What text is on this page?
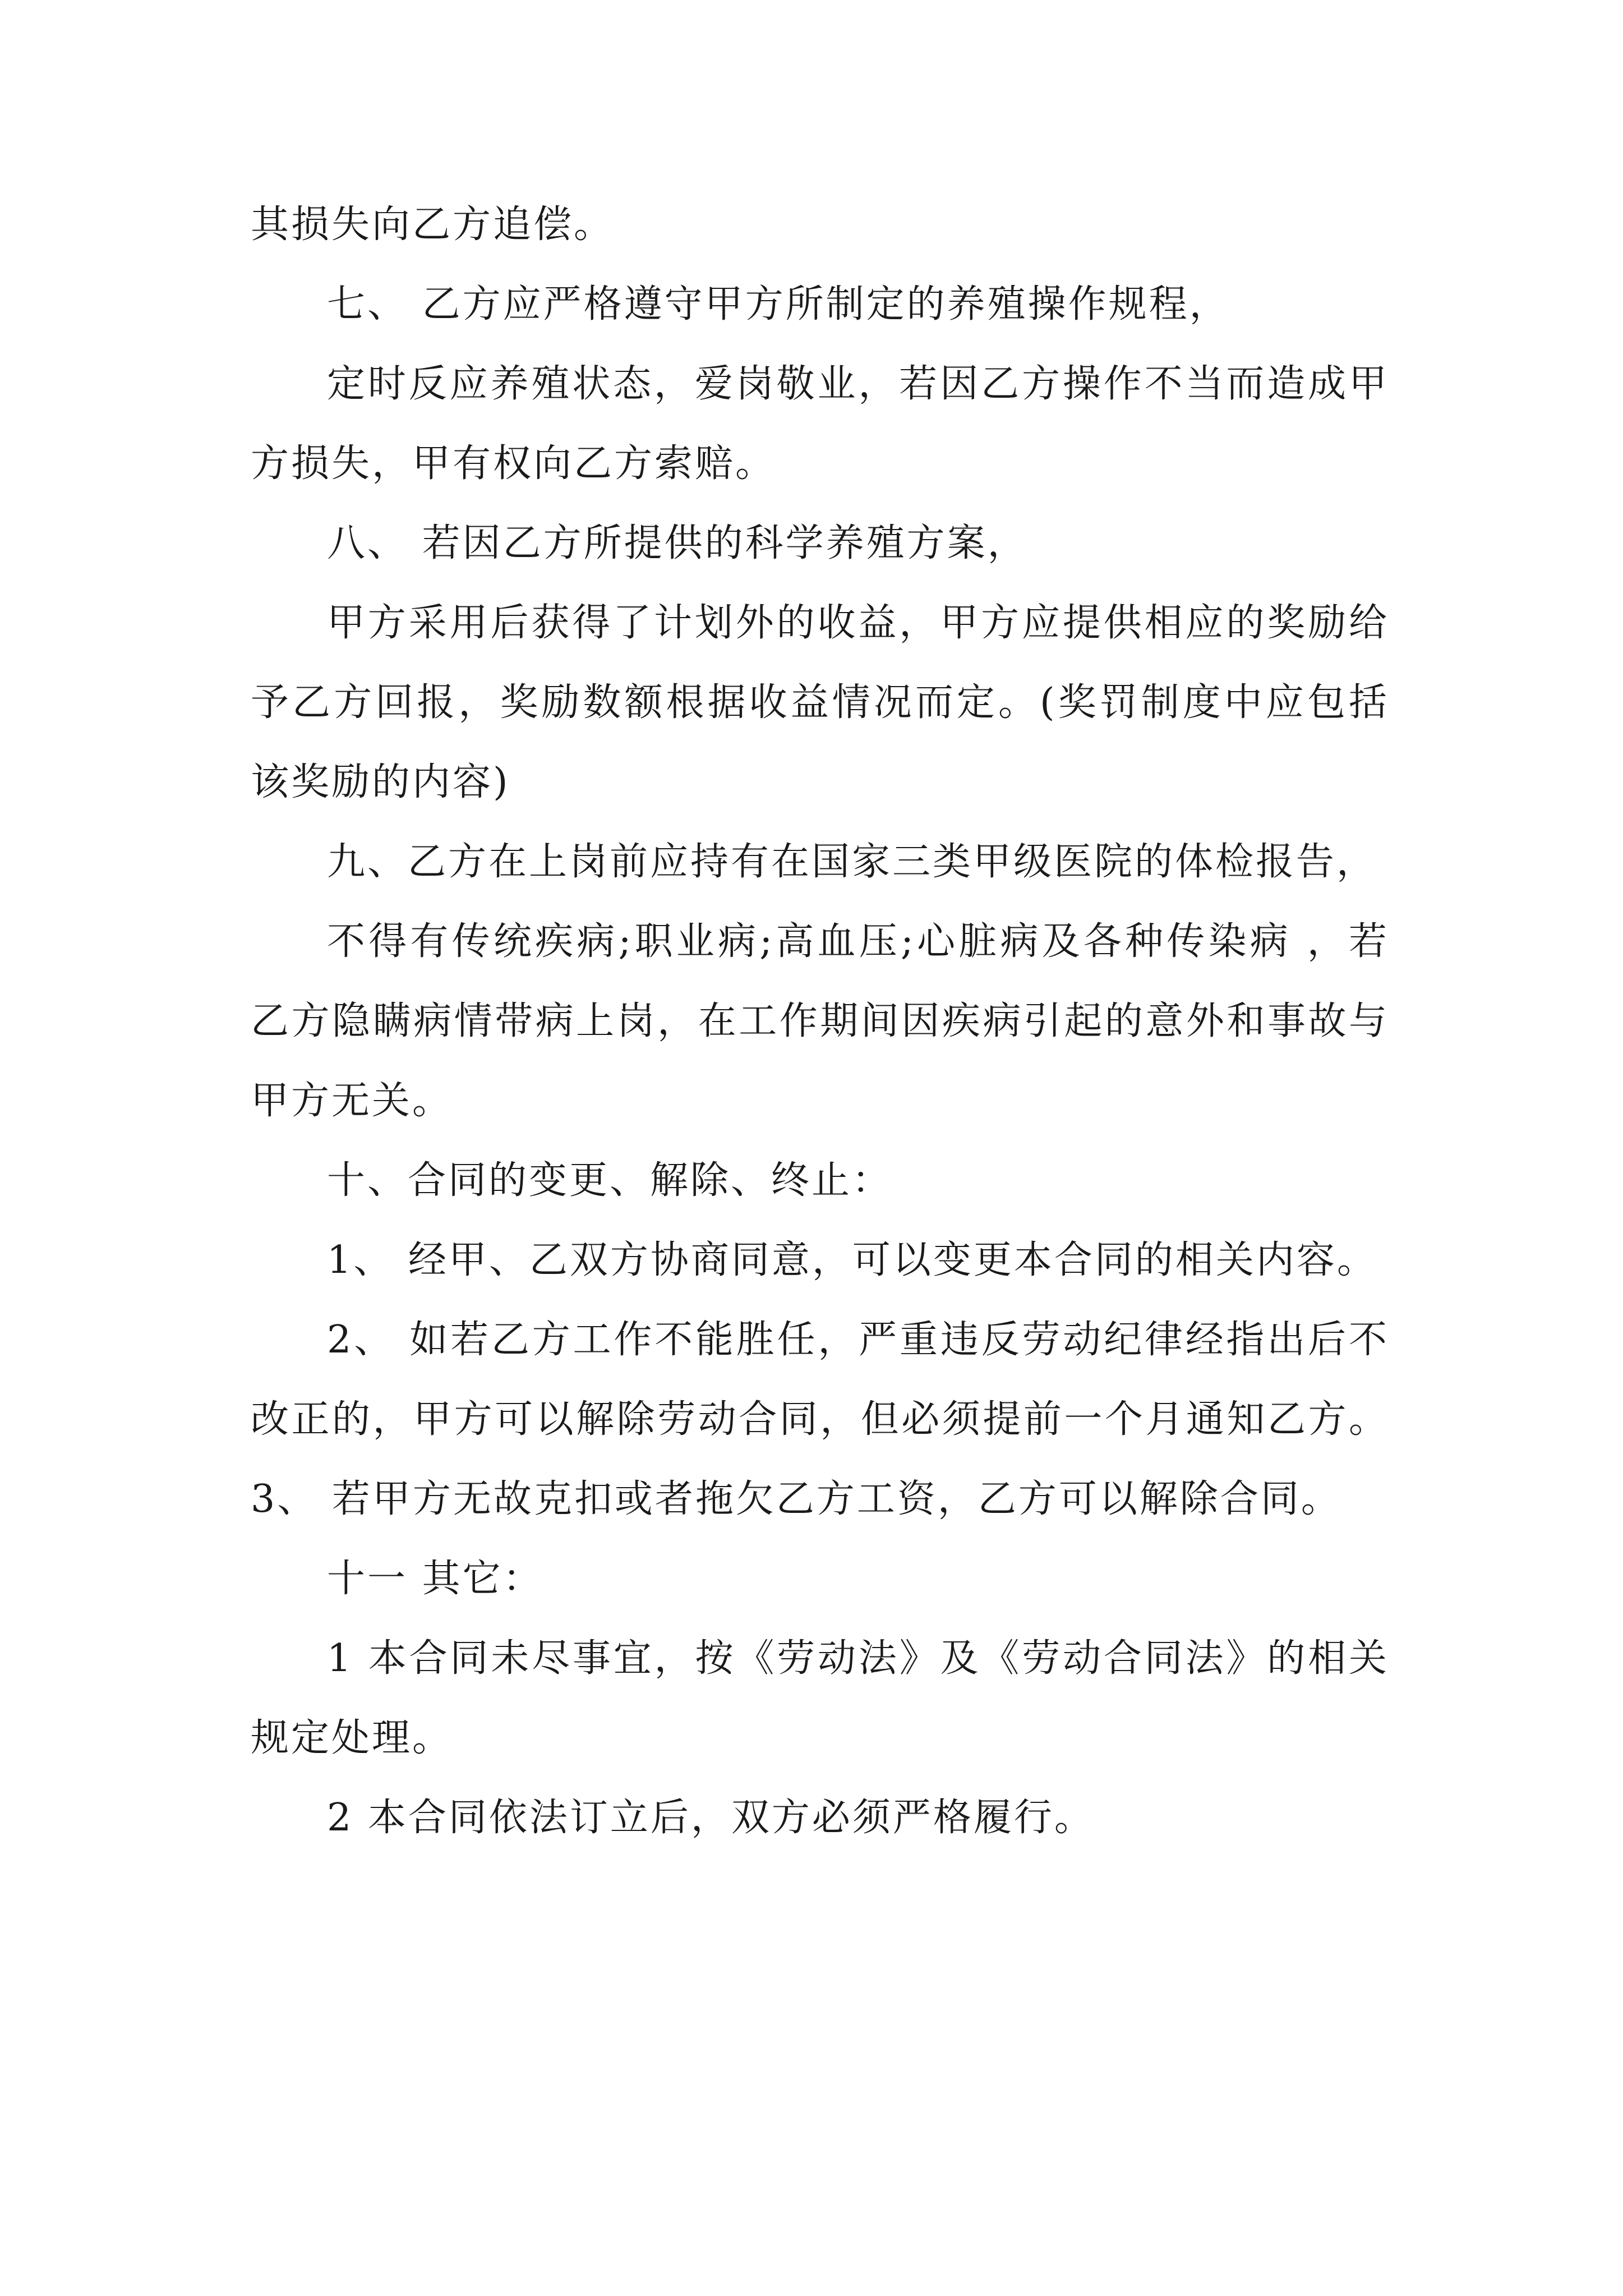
其损失向乙方追偿。

七、 乙方应严格遵守甲方所制定的养殖操作规程，

定时反应养殖状态，爱岗敬业，若因乙方操作不当而造成甲方损失，甲有权向乙方索赔。

八、 若因乙方所提供的科学养殖方案，

甲方采用后获得了计划外的收益，甲方应提供相应的奖励给予乙方回报，奖励数额根据收益情况而定。(奖罚制度中应包括该奖励的内容)

九、乙方在上岗前应持有在国家三类甲级医院的体检报告，

不得有传统疾病;职业病;高血压;心脏病及各种传染病 ，若乙方隐瞒病情带病上岗，在工作期间因疾病引起的意外和事故与甲方无关。

十、合同的变更、解除、终止：

1、 经甲、乙双方协商同意，可以变更本合同的相关内容。

2、 如若乙方工作不能胜任，严重违反劳动纪律经指出后不改正的，甲方可以解除劳动合同，但必须提前一个月通知乙方。 3、 若甲方无故克扣或者拖欠乙方工资，乙方可以解除合同。

十一 其它：

1 本合同未尽事宜，按《劳动法》及《劳动合同法》的相关规定处理。

2 本合同依法订立后，双方必须严格履行。
